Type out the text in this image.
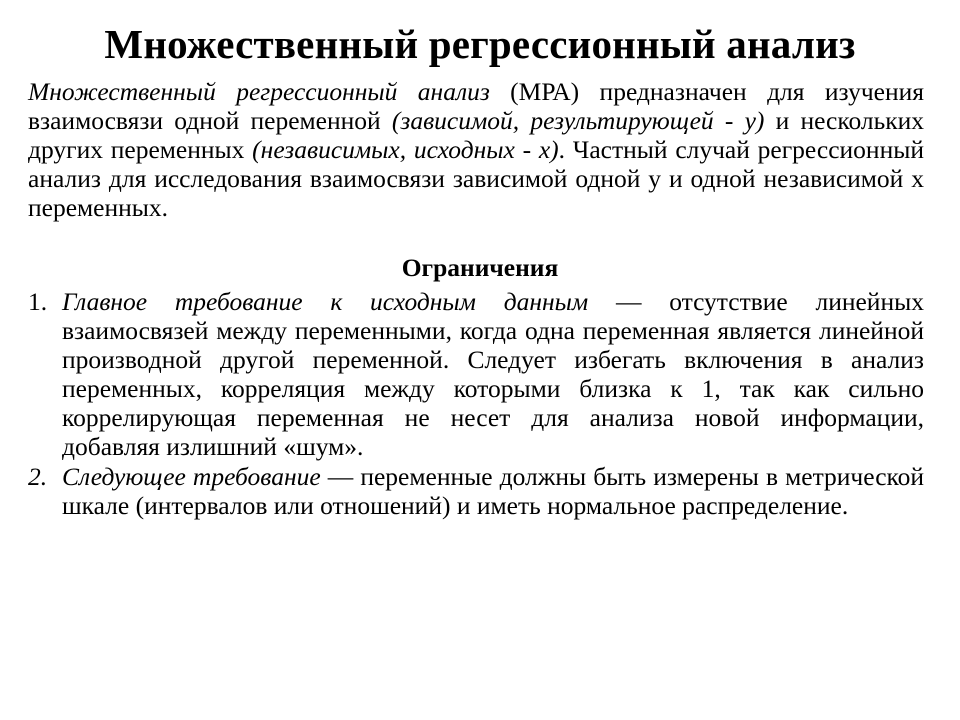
Множественный регрессионный анализ
Множественный регрессионный анализ (МРА) предназначен для изучения взаимосвязи одной переменной (зависимой, результирующей - у) и нескольких других переменных (независимых, исходных - х). Частный случай регрессионный анализ для исследования взаимосвязи зависимой одной у и одной независимой х переменных.
Ограничения
1. Главное требование к исходным данным — отсутствие линейных взаимосвязей между переменными, когда одна переменная является линейной производной другой переменной. Следует избегать включения в анализ переменных, корреляция между которыми близка к 1, так как сильно коррелирующая переменная не несет для анализа новой информации, добавляя излишний «шум».
2. Следующее требование — переменные должны быть измерены в метрической шкале (интервалов или отношений) и иметь нормальное распределение.
